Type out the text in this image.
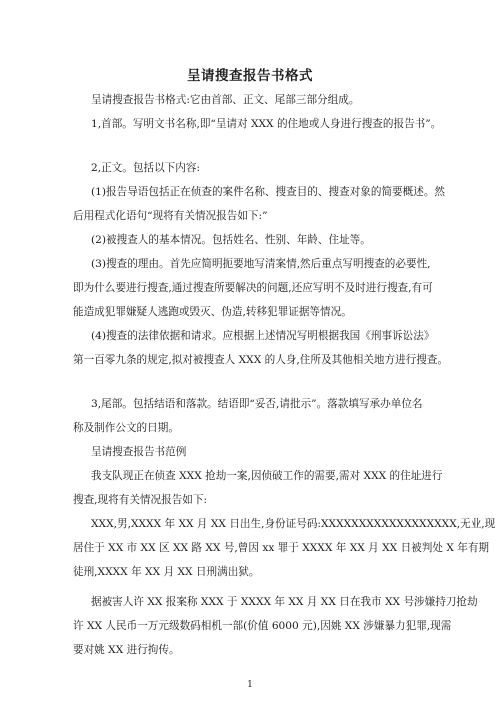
呈请搜查报告书格式
呈请搜查报告书格式:它由首部、正文、尾部三部分组成。
1,首部。写明文书名称,即“呈请对 XXX 的住地或人身进行搜查的报告书”。
2,正文。包括以下内容:
(1)报告导语包括正在侦查的案件名称、搜查目的、搜查对象的简要概述。然
后用程式化语句“现将有关情况报告如下:”
(2)被搜查人的基本情况。包括姓名、性别、年龄、住址等。
(3)搜查的理由。首先应简明扼要地写清案情,然后重点写明搜查的必要性,
即为什么要进行搜查,通过搜查所要解决的问题,还应写明不及时进行搜查,有可
能造成犯罪嫌疑人逃跑或毁灭、伪造,转移犯罪证据等情况。
(4)搜查的法律依据和请求。应根据上述情况写明根据我国《刑事诉讼法》
第一百零九条的规定,拟对被搜查人 XXX 的人身,住所及其他相关地方进行搜查。
3,尾部。包括结语和落款。结语即“妥否,请批示”。落款填写承办单位名
称及制作公文的日期。
呈请搜查报告书范例
我支队现正在侦查 XXX 抢劫一案,因侦破工作的需要,需对 XXX 的住址进行
搜查,现将有关情况报告如下:
XXX,男,XXXX 年 XX 月 XX 日出生,身份证号码:XXXXXXXXXXXXXXXXXX,无业,现
居住于 XX 市 XX 区 XX 路 XX 号,曾因 xx 罪于 XXXX 年 XX 月 XX 日被判处 X 年有期
徒刑,XXXX 年 XX 月 XX 日刑满出狱。
据被害人许 XX 报案称 XXX 于 XXXX 年 XX 月 XX 日在我市 XX 号涉嫌持刀抢劫
许 XX 人民币一万元级数码相机一部(价值 6000 元),因姚 XX 涉嫌暴力犯罪,现需
要对姚 XX 进行拘传。
1
